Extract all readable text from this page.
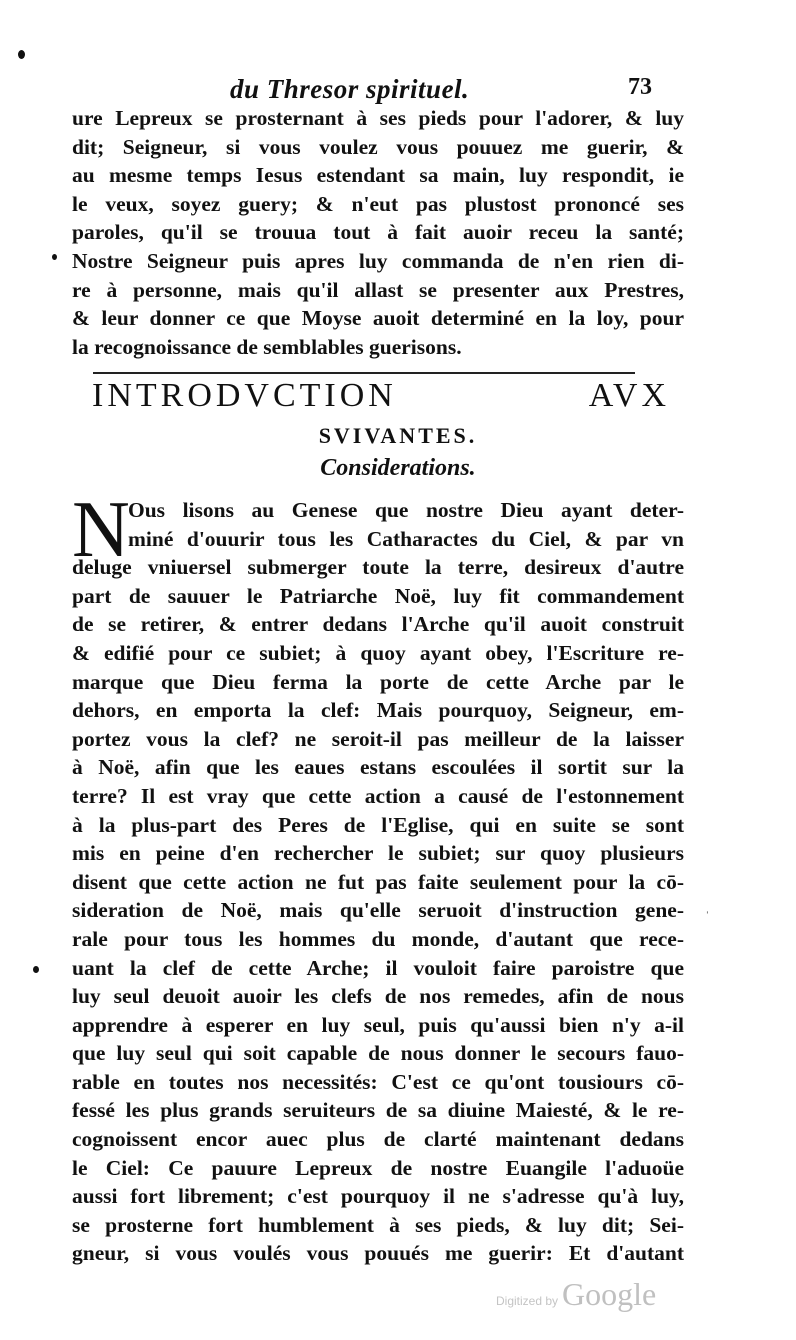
ˈ
du Thresor spirituel.	73
ure Lepreux se prosternant à ses pieds pour l'adorer, & luy
dit; Seigneur, si vous voulez vous pouuez me guerir, &
au mesme temps Iesus estendant sa main, luy respondit, ie
le veux, soyez guery; & n'eut pas plustost prononcé ses
paroles, qu'il se trouua tout à fait auoir receu la santé;
Nostre Seigneur puis apres luy commanda de n'en rien di-
re à personne, mais qu'il allast se presenter aux Prestres,
& leur donner ce que Moyse auoit determiné en la loy, pour
la recognoissance de semblables guerisons.
INTRODVCTION AVX
SVIVANTES.
Considerations.
N
Ous lisons au Genese que nostre Dieu ayant deter-
miné d'ouurir tous les Catharactes du Ciel, & par vn
deluge vniuersel submerger toute la terre, desireux d'autre
part de sauuer le Patriarche Noë, luy fit commandement
de se retirer, & entrer dedans l'Arche qu'il auoit construit
& edifié pour ce subiet; à quoy ayant obey, l'Escriture re-
marque que Dieu ferma la porte de cette Arche par le
dehors, en emporta la clef: Mais pourquoy, Seigneur, em-
portez vous la clef? ne seroit-il pas meilleur de la laisser
à Noë, afin que les eaues estans escoulées il sortit sur la
terre? Il est vray que cette action a causé de l'estonnement
à la plus-part des Peres de l'Eglise, qui en suite se sont
mis en peine d'en rechercher le subiet; sur quoy plusieurs
disent que cette action ne fut pas faite seulement pour la cō-
sideration de Noë, mais qu'elle seruoit d'instruction gene-
rale pour tous les hommes du monde, d'autant que rece-
uant la clef de cette Arche; il vouloit faire paroistre que
luy seul deuoit auoir les clefs de nos remedes, afin de nous
apprendre à esperer en luy seul, puis qu'aussi bien n'y a-il
que luy seul qui soit capable de nous donner le secours fauo-
rable en toutes nos necessités: C'est ce qu'ont tousiours cō-
fessé les plus grands seruiteurs de sa diuine Maiesté, & le re-
cognoissent encor auec plus de clarté maintenant dedans
le Ciel: Ce pauure Lepreux de nostre Euangile l'aduoüe
aussi fort librement; c'est pourquoy il ne s'adresse qu'à luy,
se prosterne fort humblement à ses pieds, & luy dit; Sei-
gneur, si vous voulés vous pouués me guerir: Et d'autant
Digitized by Google
